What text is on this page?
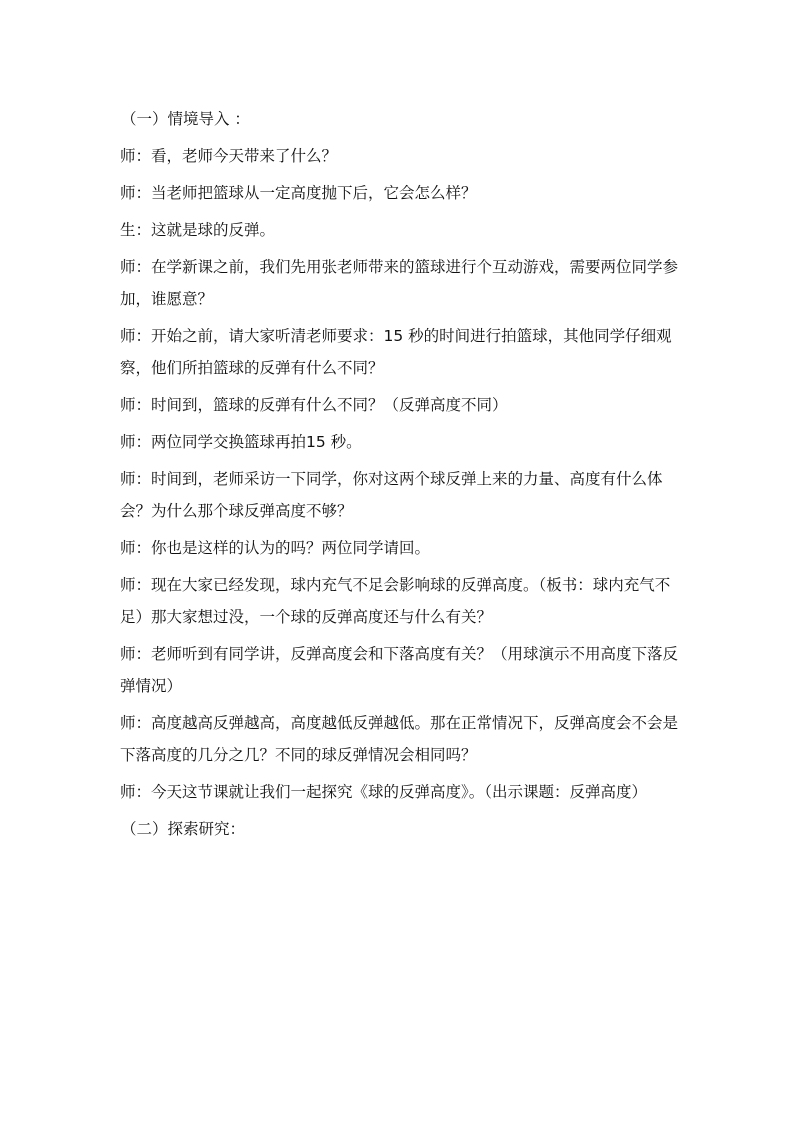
（一）情境导入 ：

师：看，老师今天带来了什么？

师：当老师把篮球从一定高度抛下后，它会怎么样？

生：这就是球的反弹。

师：在学新课之前，我们先用张老师带来的篮球进行个互动游戏，需要两位同学参加，谁愿意？

师：开始之前，请大家听清老师要求：15 秒的时间进行拍篮球，其他同学仔细观察，他们所拍篮球的反弹有什么不同？

师：时间到，篮球的反弹有什么不同？（反弹高度不同）

师：两位同学交换篮球再拍15 秒。

师：时间到，老师采访一下同学，你对这两个球反弹上来的力量、高度有什么体会？为什么那个球反弹高度不够？

师：你也是这样的认为的吗？两位同学请回。

师：现在大家已经发现，球内充气不足会影响球的反弹高度。（板书：球内充气不足）那大家想过没，一个球的反弹高度还与什么有关？

师：老师听到有同学讲，反弹高度会和下落高度有关？（用球演示不用高度下落反弹情况）

师：高度越高反弹越高，高度越低反弹越低。那在正常情况下，反弹高度会不会是下落高度的几分之几？不同的球反弹情况会相同吗？

师：今天这节课就让我们一起探究《球的反弹高度》。（出示课题：反弹高度）

（二）探索研究：
